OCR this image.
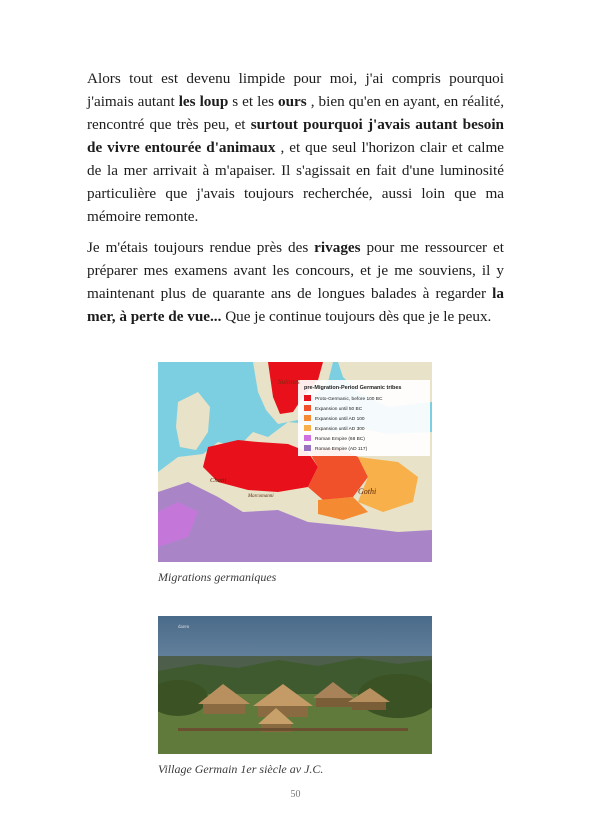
Alors tout est devenu limpide pour moi, j'ai compris pourquoi j'aimais autant les loup s et les ours , bien qu'en en ayant, en réalité, rencontré que très peu, et surtout pourquoi j'avais autant besoin de vivre entourée d'animaux , et que seul l'horizon clair et calme de la mer arrivait à m'apaiser. Il s'agissait en fait d'une luminosité particulière que j'avais toujours recherchée, aussi loin que ma mémoire remonte.
Je m'étais toujours rendue près des rivages pour me ressourcer et préparer mes examens avant les concours, et je me souviens, il y maintenant plus de quarante ans de longues balades à regarder la mer, à perte de vue... Que je continue toujours dès que je le peux.
pre-Migration-Period Germanic tribes
Proto-Germanic, before 100 BC
Expansion until 50 BC
Expansion until AD 100
Expansion until AD 300
Roman Empire (68 BC)
Roman Empire (AD 117)
Suiones
Chatti
Marcomanni
Gothi
Migrations germaniques
daren
Village Germain 1er siècle av J.C.
50
